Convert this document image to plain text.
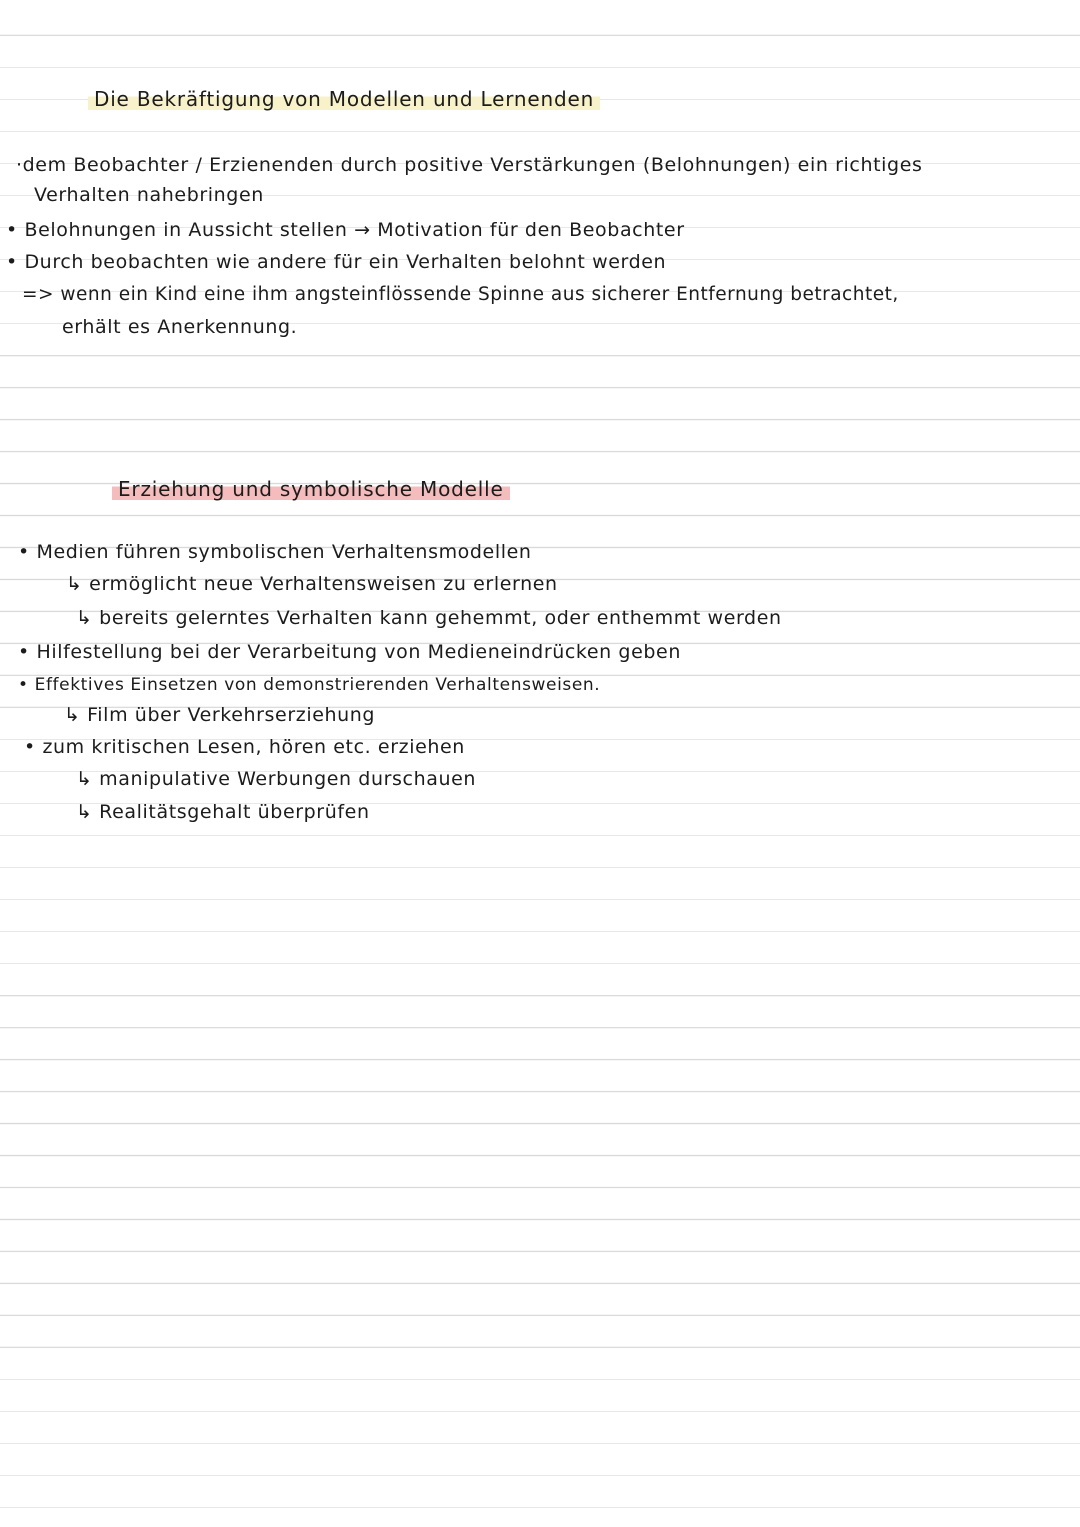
Die Bekräftigung von Modellen und Lernenden
·dem Beobachter / Erzienenden durch positive Verstärkungen (Belohnungen) ein richtiges
Verhalten nahebringen
• Belohnungen in Aussicht stellen → Motivation für den Beobachter
• Durch beobachten wie andere für ein Verhalten belohnt werden
=> wenn ein Kind eine ihm angsteinflössende Spinne aus sicherer Entfernung betrachtet,
erhält es Anerkennung.
Erziehung und symbolische Modelle
• Medien führen symbolischen Verhaltensmodellen
↳ ermöglicht neue Verhaltensweisen zu erlernen
↳ bereits gelerntes Verhalten kann gehemmt, oder enthemmt werden
• Hilfestellung bei der Verarbeitung von Medieneindrücken geben
• Effektives Einsetzen von demonstrierenden Verhaltensweisen.
↳ Film über Verkehrserziehung
• zum kritischen Lesen, hören etc. erziehen
↳ manipulative Werbungen durschauen
↳ Realitätsgehalt überprüfen
